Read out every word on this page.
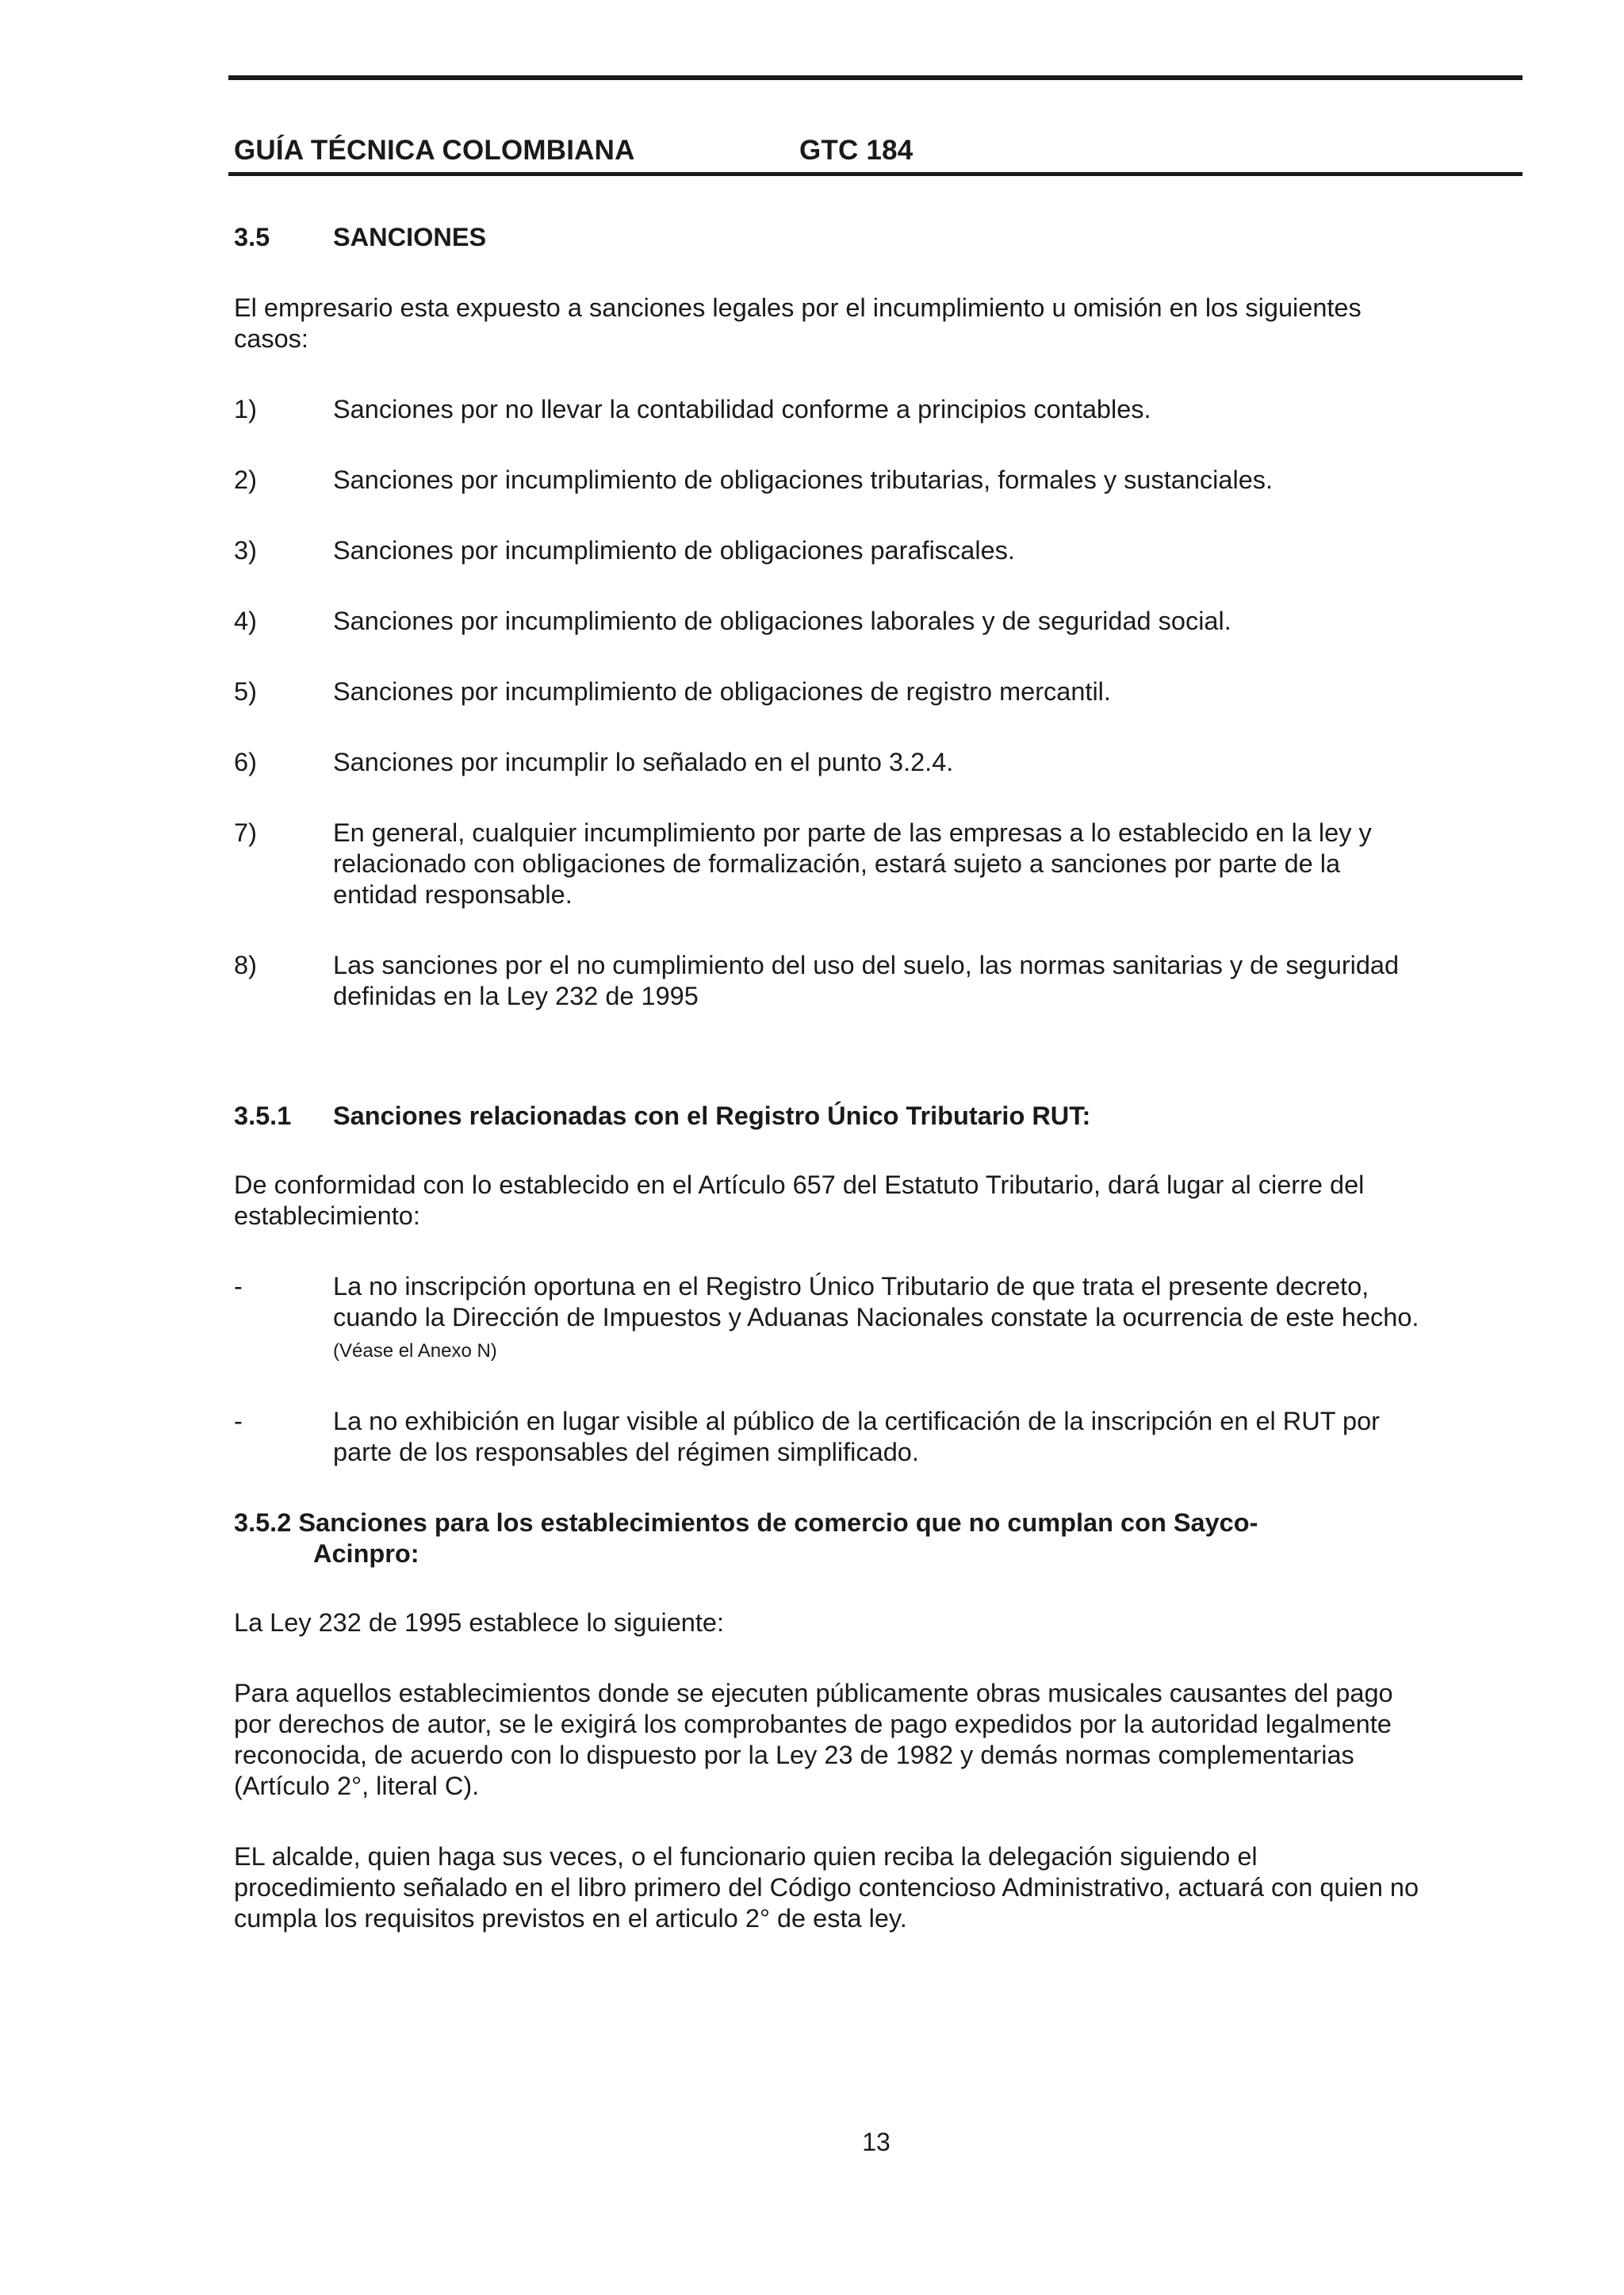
GUÍA TÉCNICA COLOMBIANA	GTC 184
3.5	SANCIONES

El empresario esta expuesto a sanciones legales por el incumplimiento u omisión en los siguientes casos:

1)	Sanciones por no llevar la contabilidad conforme a principios contables.
2)	Sanciones por incumplimiento de obligaciones tributarias, formales y sustanciales.
3)	Sanciones por incumplimiento de obligaciones parafiscales.
4)	Sanciones por incumplimiento de obligaciones laborales y de seguridad social.
5)	Sanciones por incumplimiento de obligaciones de registro mercantil.
6)	Sanciones por incumplir lo señalado en el punto 3.2.4.
7)	En general, cualquier incumplimiento por parte de las empresas a lo establecido en la ley y relacionado con obligaciones de formalización, estará sujeto a sanciones por parte de la entidad responsable.
8)	Las sanciones por el no cumplimiento del uso del suelo, las normas sanitarias y de seguridad definidas en la Ley 232 de 1995
3.5.1	Sanciones relacionadas con el Registro Único Tributario RUT:

De conformidad con lo establecido en el Artículo 657 del Estatuto Tributario, dará lugar al cierre del establecimiento:

-	La no inscripción oportuna en el Registro Único Tributario de que trata el presente decreto, cuando la Dirección de Impuestos y Aduanas Nacionales constate la ocurrencia de este hecho. (Véase el Anexo N)
-	La no exhibición en lugar visible al público de la certificación de la inscripción en el RUT por parte de los responsables del régimen simplificado.
3.5.2 Sanciones para los establecimientos de comercio que no cumplan con Sayco-
Acinpro:

La Ley 232 de 1995 establece lo siguiente:

Para aquellos establecimientos donde se ejecuten públicamente obras musicales causantes del pago por derechos de autor, se le exigirá los comprobantes de pago expedidos por la autoridad legalmente reconocida, de acuerdo con lo dispuesto por la Ley 23 de 1982 y demás normas complementarias (Artículo 2°, literal C).

EL alcalde, quien haga sus veces, o el funcionario quien reciba la delegación siguiendo el procedimiento señalado en el libro primero del Código contencioso Administrativo, actuará con quien no cumpla los requisitos previstos en el articulo 2° de esta ley.

13
